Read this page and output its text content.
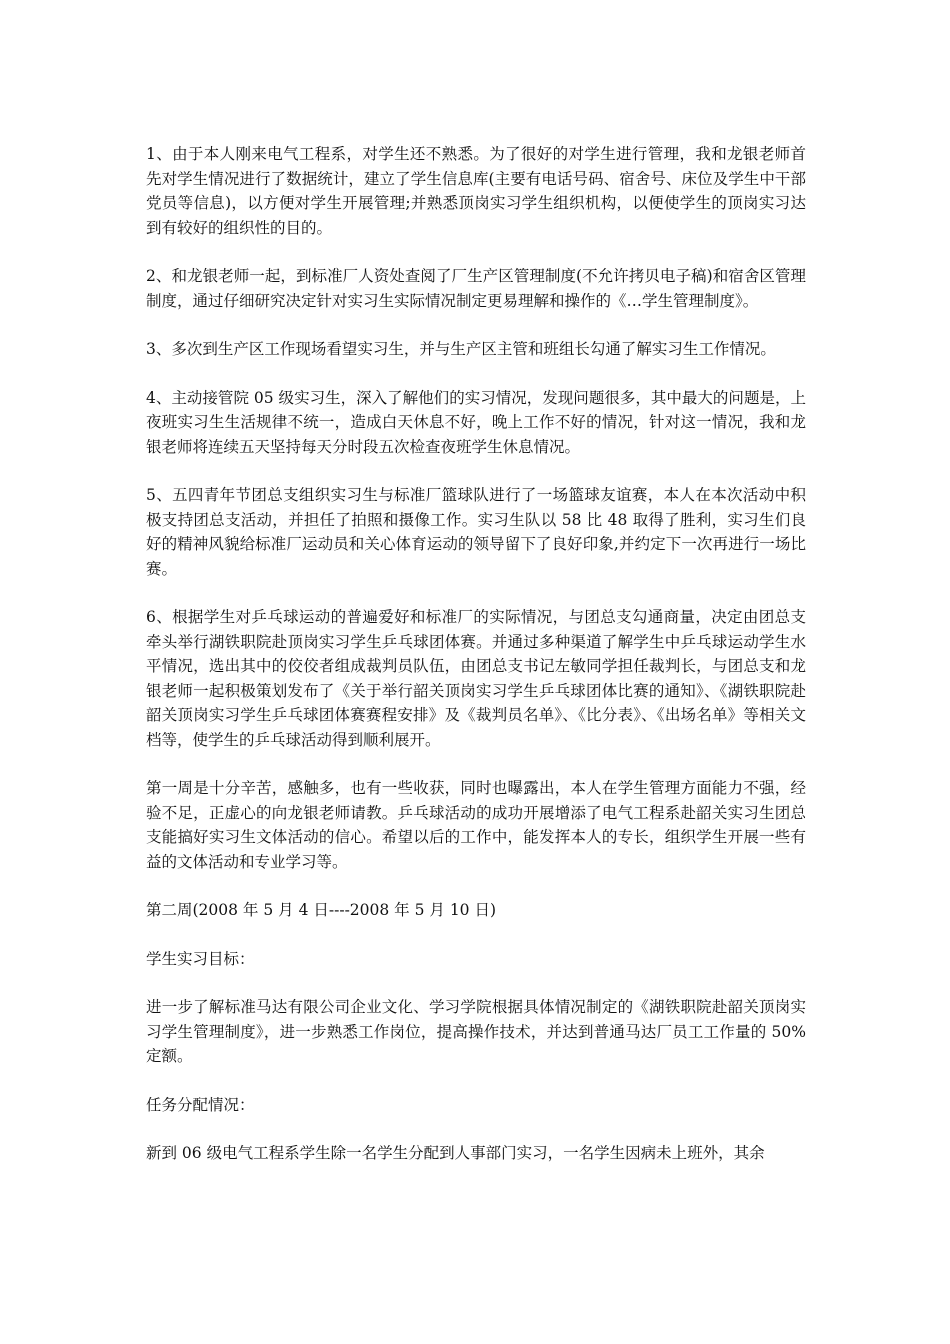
1、由于本人刚来电气工程系，对学生还不熟悉。为了很好的对学生进行管理，我和龙银老师首先对学生情况进行了数据统计，建立了学生信息库(主要有电话号码、宿舍号、床位及学生中干部党员等信息)，以方便对学生开展管理;并熟悉顶岗实习学生组织机构，以便使学生的顶岗实习达到有较好的组织性的目的。

2、和龙银老师一起，到标准厂人资处查阅了厂生产区管理制度(不允许拷贝电子稿)和宿舍区管理制度，通过仔细研究决定针对实习生实际情况制定更易理解和操作的《…学生管理制度》。

3、多次到生产区工作现场看望实习生，并与生产区主管和班组长勾通了解实习生工作情况。

4、主动接管院 05 级实习生，深入了解他们的实习情况，发现问题很多，其中最大的问题是，上夜班实习生生活规律不统一，造成白天休息不好，晚上工作不好的情况，针对这一情况，我和龙银老师将连续五天坚持每天分时段五次检查夜班学生休息情况。

5、五四青年节团总支组织实习生与标准厂篮球队进行了一场篮球友谊赛，本人在本次活动中积极支持团总支活动，并担任了拍照和摄像工作。实习生队以 58 比 48 取得了胜利，实习生们良好的精神风貌给标准厂运动员和关心体育运动的领导留下了良好印象,并约定下一次再进行一场比赛。

6、根据学生对乒乓球运动的普遍爱好和标准厂的实际情况，与团总支勾通商量，决定由团总支牵头举行湖铁职院赴顶岗实习学生乒乓球团体赛。并通过多种渠道了解学生中乒乓球运动学生水平情况，选出其中的佼佼者组成裁判员队伍，由团总支书记左敏同学担任裁判长，与团总支和龙银老师一起积极策划发布了《关于举行韶关顶岗实习学生乒乓球团体比赛的通知》、《湖铁职院赴韶关顶岗实习学生乒乓球团体赛赛程安排》及《裁判员名单》、《比分表》、《出场名单》等相关文档等，使学生的乒乓球活动得到顺利展开。

第一周是十分辛苦，感触多，也有一些收获，同时也曝露出，本人在学生管理方面能力不强，经验不足，正虚心的向龙银老师请教。乒乓球活动的成功开展增添了电气工程系赴韶关实习生团总支能搞好实习生文体活动的信心。希望以后的工作中，能发挥本人的专长，组织学生开展一些有益的文体活动和专业学习等。

第二周(2008 年 5 月 4 日----2008 年 5 月 10 日)

学生实习目标：

进一步了解标准马达有限公司企业文化、学习学院根据具体情况制定的《湖铁职院赴韶关顶岗实习学生管理制度》，进一步熟悉工作岗位，提高操作技术，并达到普通马达厂员工工作量的 50%定额。

任务分配情况：

新到 06 级电气工程系学生除一名学生分配到人事部门实习，一名学生因病未上班外，其余
